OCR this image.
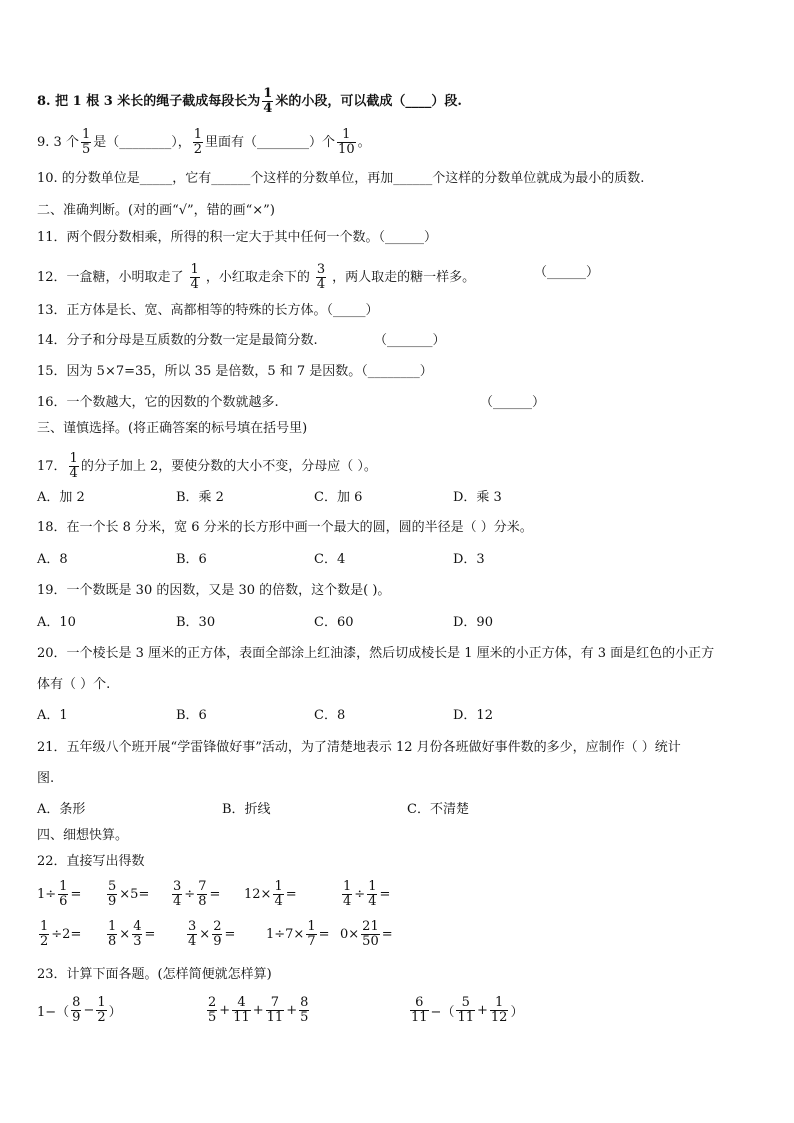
8. 把 1 根 3 米长的绳子截成每段长为 $\frac{1}{4}$ 米的小段，可以截成（____）段.
9. 3 个 $\frac{1}{5}$ 是（________）， $\frac{1}{2}$ 里面有（________）个 $\frac{1}{10}$ 。
10. 的分数单位是_____，它有______个这样的分数单位，再加______个这样的分数单位就成为最小的质数.
二、准确判断。(对的画“√”，错的画“×”)
11．两个假分数相乘，所得的积一定大于其中任何一个数。（______）
12．一盒糖，小明取走了 $\frac{1}{4}$ ，小红取走余下的 $\frac{3}{4}$ ，两人取走的糖一样多。	（______）
13．正方体是长、宽、高都相等的特殊的长方体。（_____）
14．分子和分母是互质数的分数一定是最简分数.	（_______）
15．因为 5×7=35，所以 35 是倍数，5 和 7 是因数。（________）
16．一个数越大，它的因数的个数就越多.	（______）
三、谨慎选择。(将正确答案的标号填在括号里)
17． $\frac{1}{4}$ 的分子加上 2，要使分数的大小不变，分母应（ ）。
A．加 2	B．乘 2	C．加 6	D．乘 3
18．在一个长 8 分米，宽 6 分米的长方形中画一个最大的圆，圆的半径是（ ）分米。
A．8	B．6	C．4	D．3
19．一个数既是 30 的因数，又是 30 的倍数，这个数是( )。
A．10	B．30	C．60	D．90
20．一个棱长是 3 厘米的正方体，表面全部涂上红油漆，然后切成棱长是 1 厘米的小正方体，有 3 面是红色的小正方
体有（ ）个.
A．1	B．6	C．8	D．12
21．五年级八个班开展“学雷锋做好事”活动，为了清楚地表示 12 月份各班做好事件数的多少，应制作（ ）统计
图.
A．条形	B．折线	C．不清楚
四、细想快算。
22．直接写出得数
1÷
1
6 =
5
9 ×5=
3
4 ÷
7
8 = 12×
1
4 =
1
4 ÷
1
4 =
1
2 ÷2=
1
8 ×
4
3 =
3
4 ×
2
9 = 1÷7×
1
7 = 0×
21
50 =
23．计算下面各题。(怎样简便就怎样算)
1−（
8
9 −
1
2 ）
2
5 +
4
11 +
7
11 +
8
5
6
11 −（
5
11 +
1
12 ）
